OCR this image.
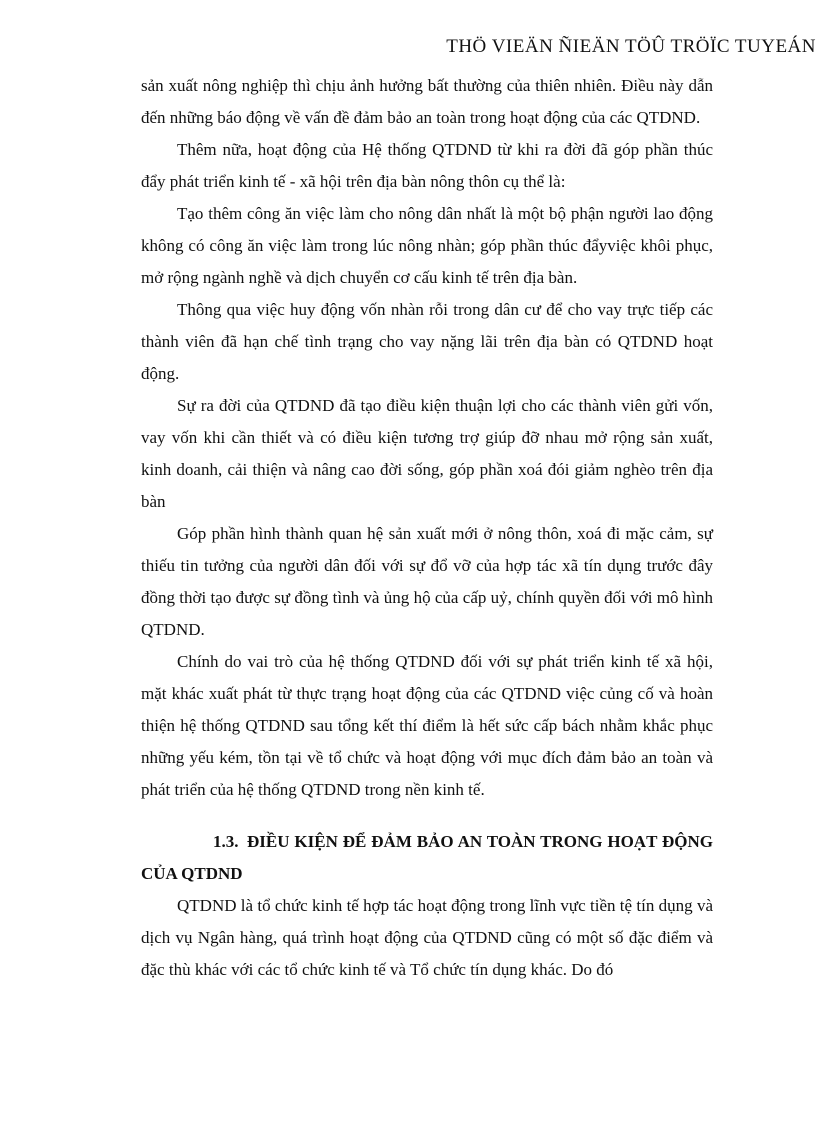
THÖ VIEÄN ÑIEÄN TÖÛ TRÖÏC TUYEÁN

sản xuất nông nghiệp thì chịu ảnh hưởng bất thường của thiên nhiên. Điều này dẫn đến những báo động về vấn đề đảm bảo an toàn trong hoạt động của các QTDND.

Thêm nữa, hoạt động của Hệ thống QTDND từ khi ra đời đã góp phần thúc đẩy phát triển kinh tế - xã hội trên địa bàn nông thôn cụ thể là:

Tạo thêm công ăn việc làm cho nông dân nhất là một bộ phận người lao động không có công ăn việc làm trong lúc nông nhàn; góp phần thúc đẩyviệc khôi phục, mở rộng ngành nghề và dịch chuyển cơ cấu kinh tế trên địa bàn.

Thông qua việc huy động vốn nhàn rỗi trong dân cư để cho vay trực tiếp các thành viên đã hạn chế tình trạng cho vay nặng lãi trên địa bàn có QTDND hoạt động.

Sự ra đời của QTDND đã tạo điều kiện thuận lợi cho các thành viên gửi vốn, vay vốn khi cần thiết và có điều kiện tương trợ giúp đỡ nhau mở rộng sản xuất, kinh doanh, cải thiện và nâng cao đời sống, góp phần xoá đói giảm nghèo trên địa bàn

Góp phần hình thành quan hệ sản xuất mới ở nông thôn, xoá đi mặc cảm, sự thiếu tin tưởng của người dân đối với sự đổ vỡ của hợp tác xã tín dụng trước đây đồng thời tạo được sự đồng tình và ủng hộ của cấp uỷ, chính quyền đối với mô hình QTDND.

Chính do vai trò của hệ thống QTDND đối với sự phát triển kinh tế xã hội, mặt khác xuất phát từ thực trạng hoạt động của các QTDND việc củng cố và hoàn thiện hệ thống QTDND sau tổng kết thí điểm là hết sức cấp bách nhằm khắc phục những yếu kém, tồn tại về tổ chức và hoạt động với mục đích đảm bảo an toàn và phát triển của hệ thống QTDND trong nền kinh tế.

1.3. ĐIỀU KIỆN ĐỂ ĐẢM BẢO AN TOÀN TRONG HOẠT ĐỘNG CỦA QTDND

QTDND là tổ chức kinh tế hợp tác hoạt động trong lĩnh vực tiền tệ tín dụng và dịch vụ Ngân hàng, quá trình hoạt động của QTDND cũng có một số đặc điểm và đặc thù khác với các tổ chức kinh tế và Tổ chức tín dụng khác. Do đó
